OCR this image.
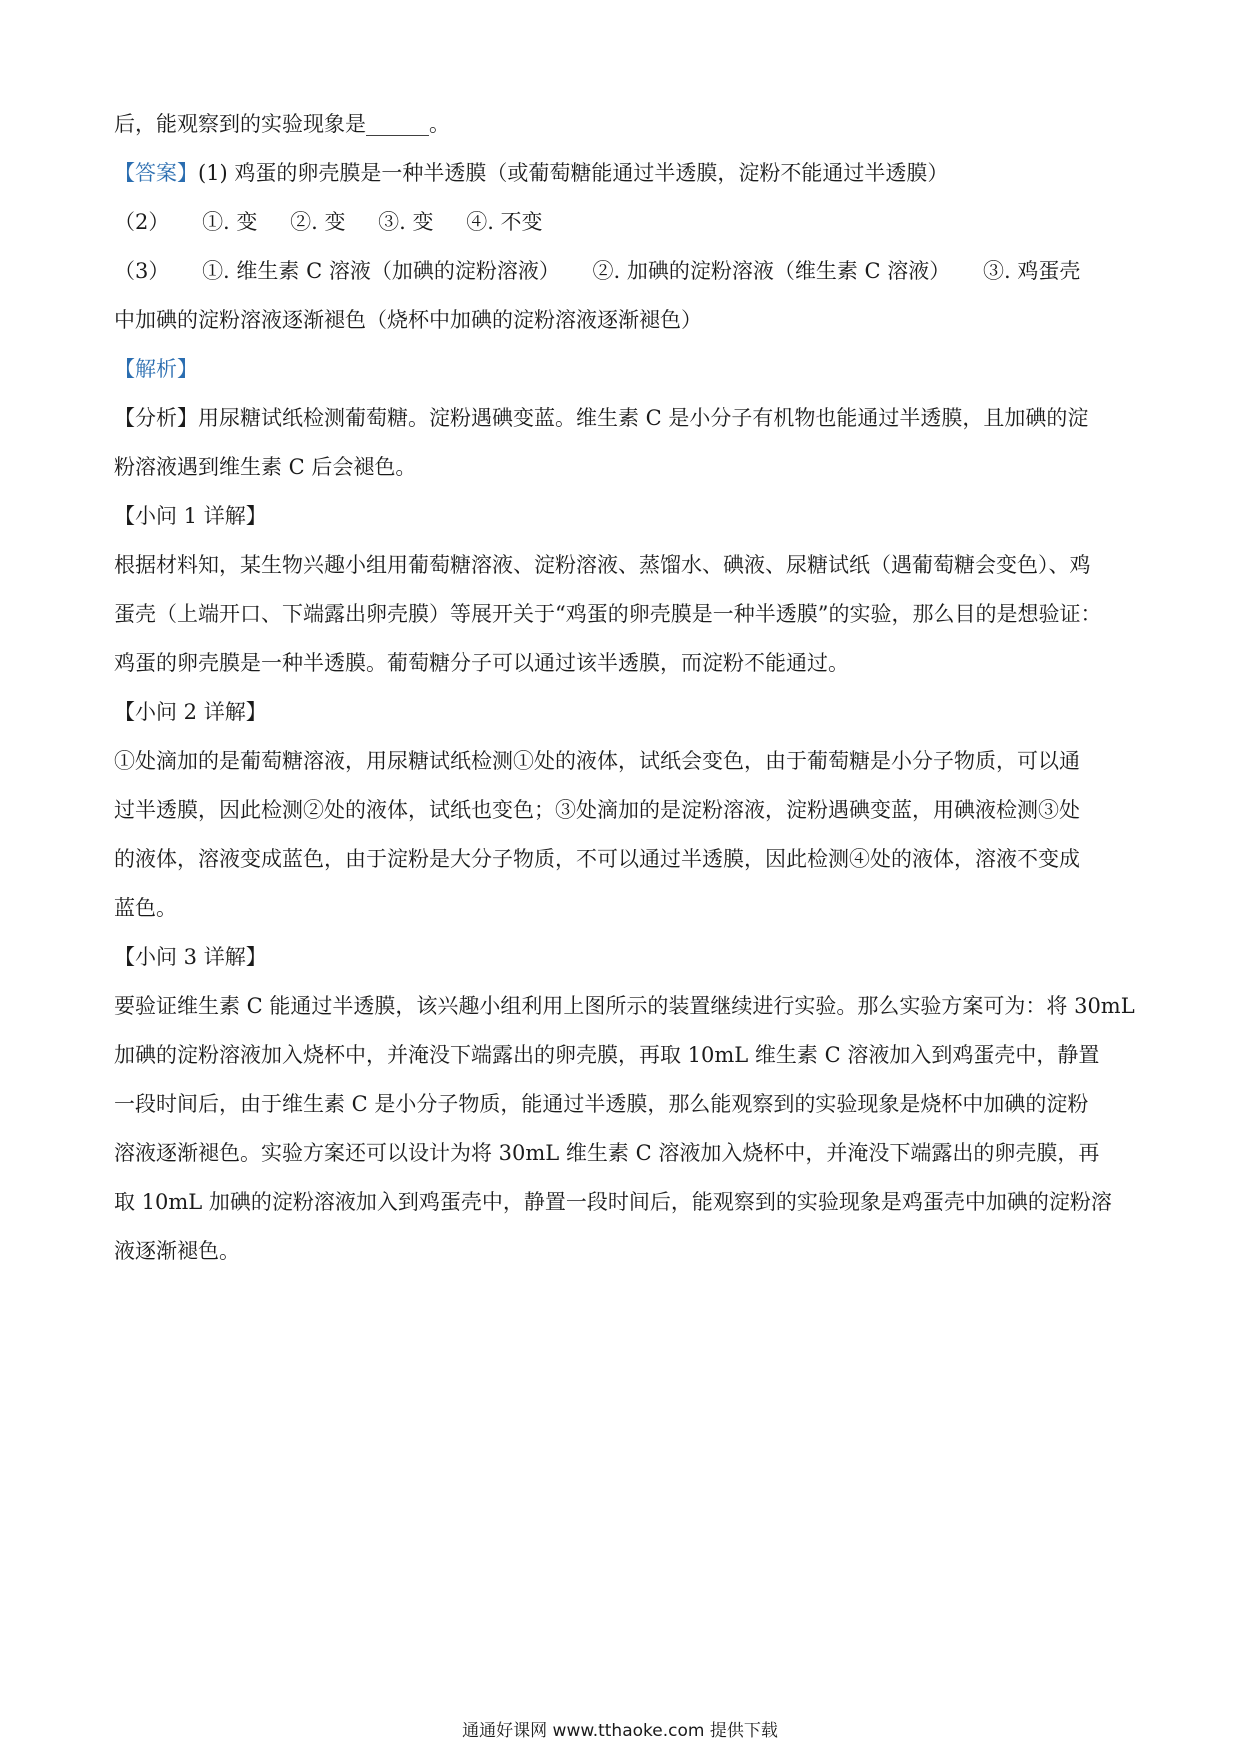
后，能观察到的实验现象是______。
【答案】(1) 鸡蛋的卵壳膜是一种半透膜（或葡萄糖能通过半透膜，淀粉不能通过半透膜）
（2） ①. 变 ②. 变 ③. 变 ④. 不变
（3） ①. 维生素 C 溶液（加碘的淀粉溶液） ②. 加碘的淀粉溶液（维生素 C 溶液） ③. 鸡蛋壳
中加碘的淀粉溶液逐渐褪色（烧杯中加碘的淀粉溶液逐渐褪色）
【解析】
【分析】用尿糖试纸检测葡萄糖。淀粉遇碘变蓝。维生素 C 是小分子有机物也能通过半透膜，且加碘的淀
粉溶液遇到维生素 C 后会褪色。
【小问 1 详解】
根据材料知，某生物兴趣小组用葡萄糖溶液、淀粉溶液、蒸馏水、碘液、尿糖试纸（遇葡萄糖会变色）、鸡
蛋壳（上端开口、下端露出卵壳膜）等展开关于“鸡蛋的卵壳膜是一种半透膜”的实验，那么目的是想验证：
鸡蛋的卵壳膜是一种半透膜。葡萄糖分子可以通过该半透膜，而淀粉不能通过。
【小问 2 详解】
①处滴加的是葡萄糖溶液，用尿糖试纸检测①处的液体，试纸会变色，由于葡萄糖是小分子物质，可以通
过半透膜，因此检测②处的液体，试纸也变色；③处滴加的是淀粉溶液，淀粉遇碘变蓝，用碘液检测③处
的液体，溶液变成蓝色，由于淀粉是大分子物质，不可以通过半透膜，因此检测④处的液体，溶液不变成
蓝色。
【小问 3 详解】
要验证维生素 C 能通过半透膜，该兴趣小组利用上图所示的装置继续进行实验。那么实验方案可为：将 30mL
加碘的淀粉溶液加入烧杯中，并淹没下端露出的卵壳膜，再取 10mL 维生素 C 溶液加入到鸡蛋壳中，静置
一段时间后，由于维生素 C 是小分子物质，能通过半透膜，那么能观察到的实验现象是烧杯中加碘的淀粉
溶液逐渐褪色。实验方案还可以设计为将 30mL 维生素 C 溶液加入烧杯中，并淹没下端露出的卵壳膜，再
取 10mL 加碘的淀粉溶液加入到鸡蛋壳中，静置一段时间后，能观察到的实验现象是鸡蛋壳中加碘的淀粉溶
液逐渐褪色。
通通好课网 www.tthaoke.com 提供下载
